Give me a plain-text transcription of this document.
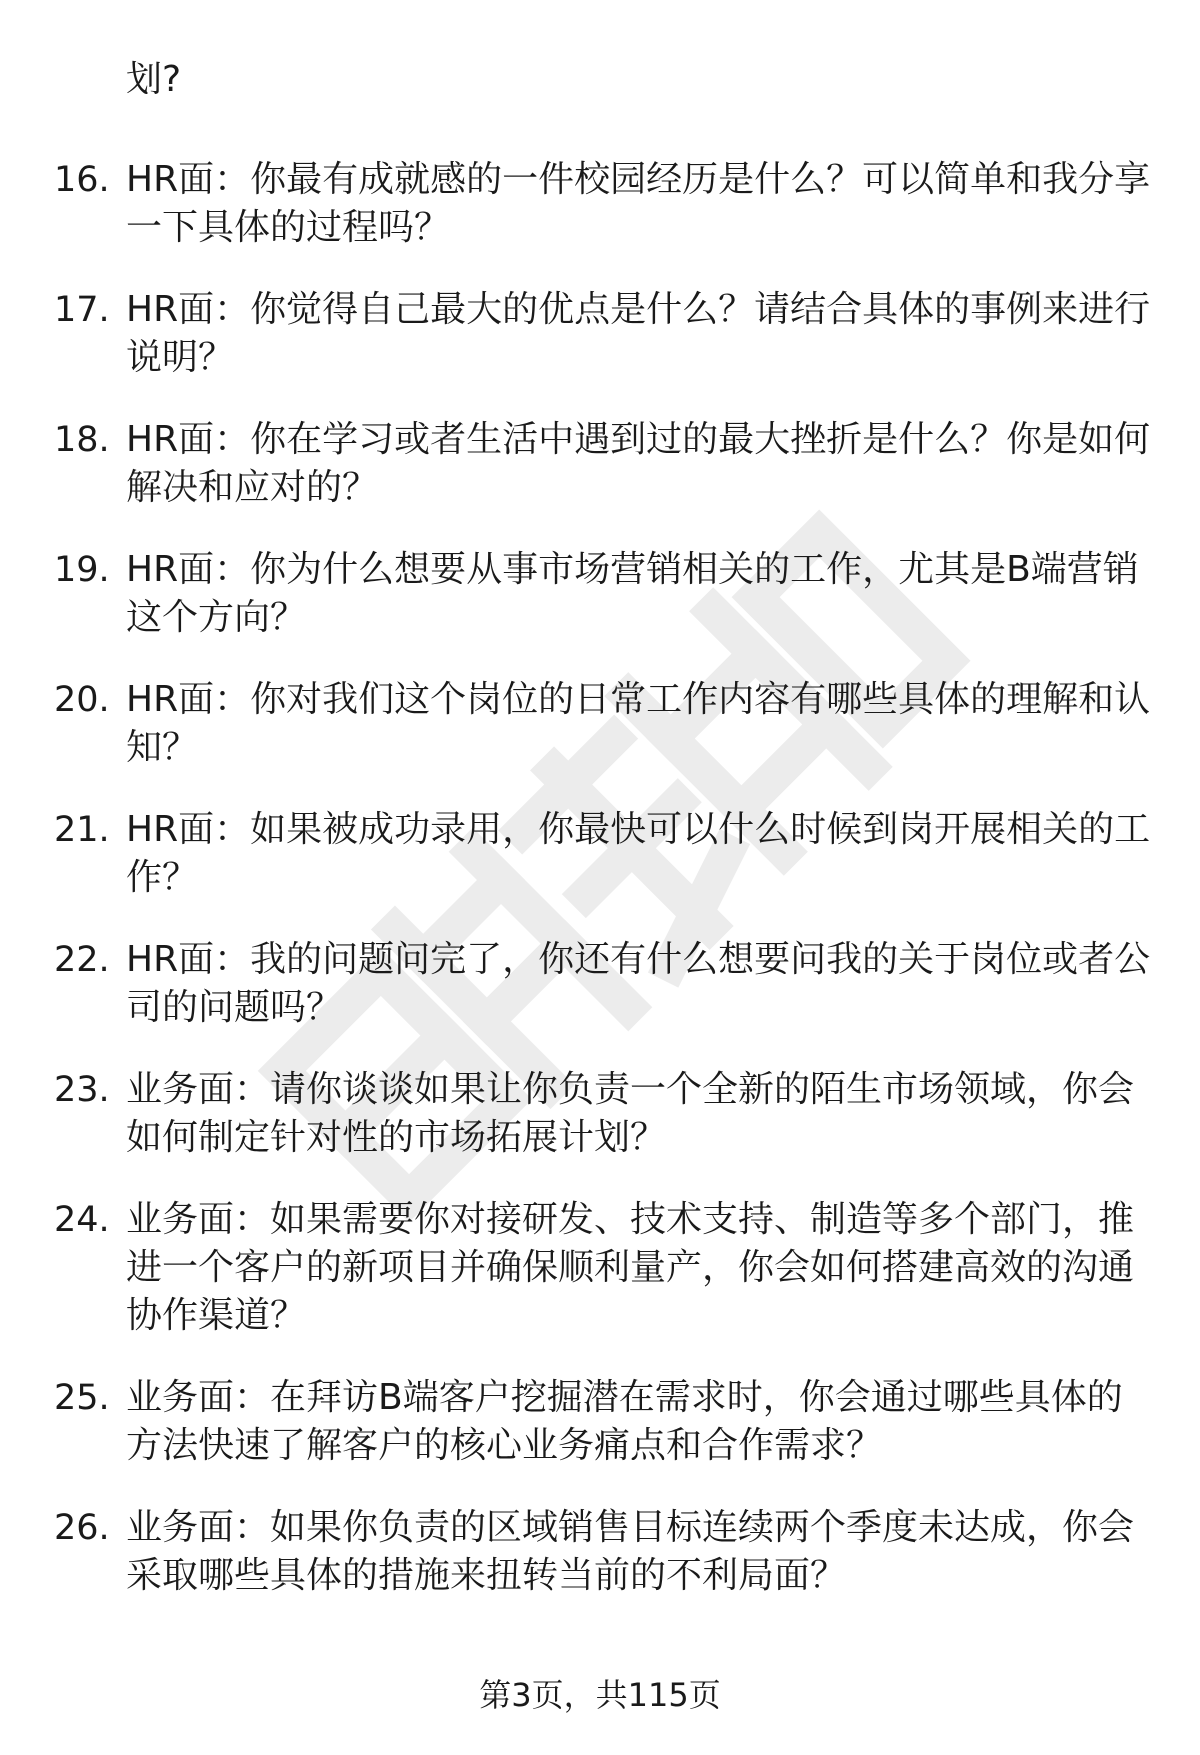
划?
16. HR面：你最有成就感的一件校园经历是什么？可以简单和我分享
一下具体的过程吗？
17. HR面：你觉得自己最大的优点是什么？请结合具体的事例来进行
说明？
18. HR面：你在学习或者生活中遇到过的最大挫折是什么？你是如何
解决和应对的？
19. HR面：你为什么想要从事市场营销相关的工作，尤其是B端营销
这个方向？
20. HR面：你对我们这个岗位的日常工作内容有哪些具体的理解和认
知？
21. HR面：如果被成功录用，你最快可以什么时候到岗开展相关的工
作？
22. HR面：我的问题问完了，你还有什么想要问我的关于岗位或者公
司的问题吗？
23. 业务面：请你谈谈如果让你负责一个全新的陌生市场领域，你会
如何制定针对性的市场拓展计划？
24. 业务面：如果需要你对接研发、技术支持、制造等多个部门，推
进一个客户的新项目并确保顺利量产，你会如何搭建高效的沟通
协作渠道？
25. 业务面：在拜访B端客户挖掘潜在需求时，你会通过哪些具体的
方法快速了解客户的核心业务痛点和合作需求？
26. 业务面：如果你负责的区域销售目标连续两个季度未达成，你会
采取哪些具体的措施来扭转当前的不利局面？
第3页，共115页
